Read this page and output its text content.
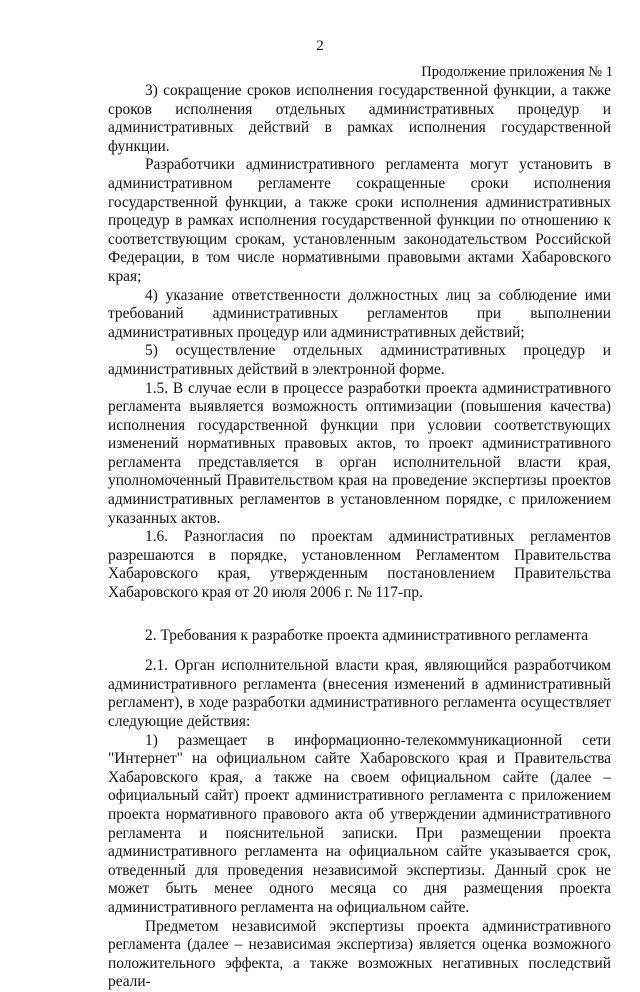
2
Продолжение приложения № 1

3) сокращение сроков исполнения государственной функции, а также сроков исполнения отдельных административных процедур и административных действий в рамках исполнения государственной функции.

Разработчики административного регламента могут установить в административном регламенте сокращенные сроки исполнения государственной функции, а также сроки исполнения административных процедур в рамках исполнения государственной функции по отношению к соответствующим срокам, установленным законодательством Российской Федерации, в том числе нормативными правовыми актами Хабаровского края;

4) указание ответственности должностных лиц за соблюдение ими требований административных регламентов при выполнении административных процедур или административных действий;

5) осуществление отдельных административных процедур и административных действий в электронной форме.

1.5. В случае если в процессе разработки проекта административного регламента выявляется возможность оптимизации (повышения качества) исполнения государственной функции при условии соответствующих изменений нормативных правовых актов, то проект административного регламента представляется в орган исполнительной власти края, уполномоченный Правительством края на проведение экспертизы проектов административных регламентов в установленном порядке, с приложением указанных актов.

1.6. Разногласия по проектам административных регламентов разрешаются в порядке, установленном Регламентом Правительства Хабаровского края, утвержденным постановлением Правительства Хабаровского края от 20 июля 2006 г. № 117-пр.

2. Требования к разработке проекта административного регламента

2.1. Орган исполнительной власти края, являющийся разработчиком административного регламента (внесения изменений в административный регламент), в ходе разработки административного регламента осуществляет следующие действия:

1) размещает в информационно-телекоммуникационной сети "Интернет" на официальном сайте Хабаровского края и Правительства Хабаровского края, а также на своем официальном сайте (далее – официальный сайт) проект административного регламента с приложением проекта нормативного правового акта об утверждении административного регламента и пояснительной записки. При размещении проекта административного регламента на официальном сайте указывается срок, отведенный для проведения независимой экспертизы. Данный срок не может быть менее одного месяца со дня размещения проекта административного регламента на официальном сайте.

Предметом независимой экспертизы проекта административного регламента (далее – независимая экспертиза) является оценка возможного положительного эффекта, а также возможных негативных последствий реали-
